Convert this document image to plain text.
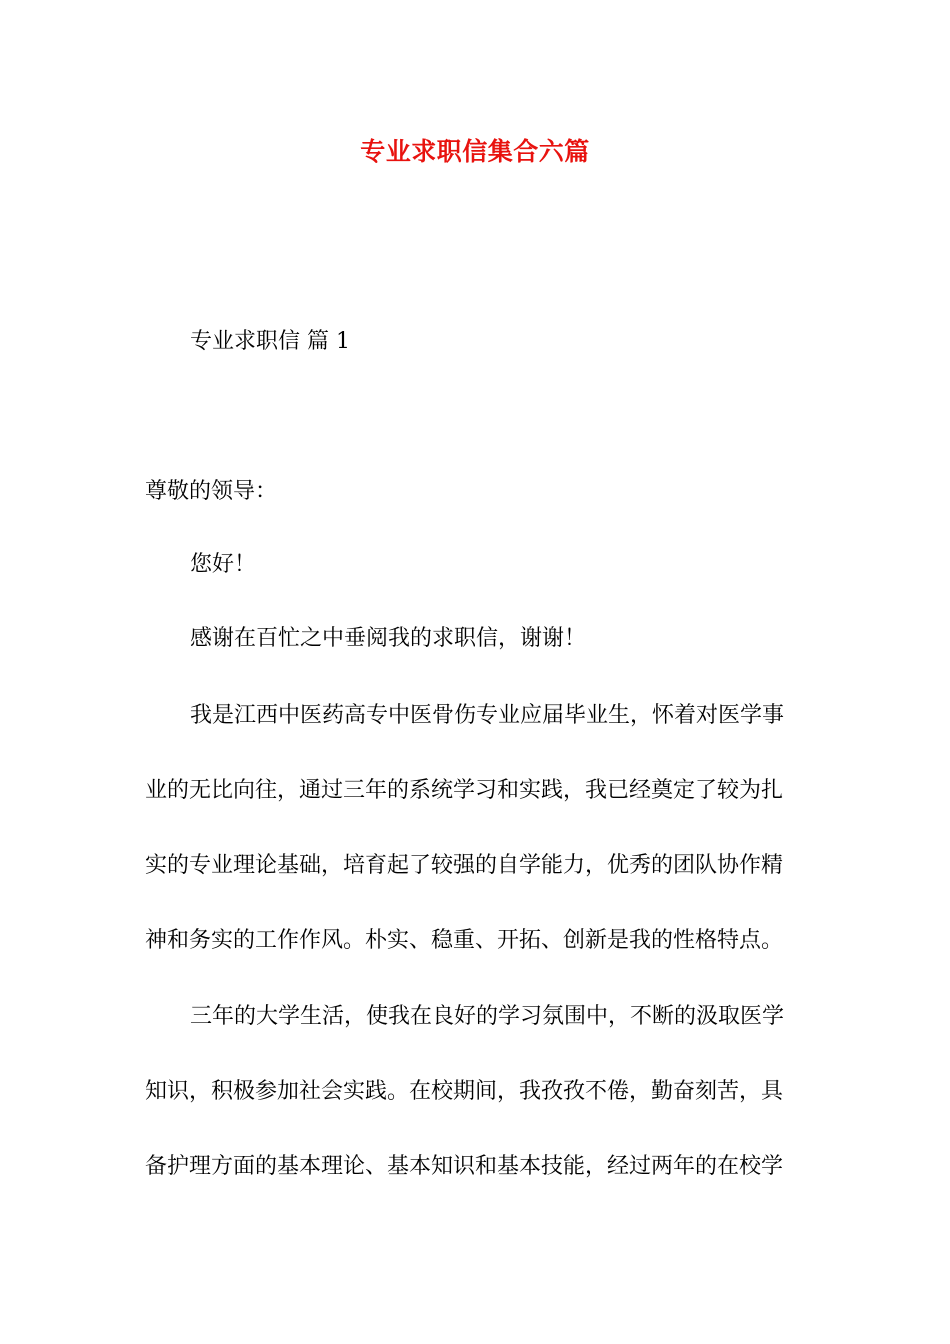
专业求职信集合六篇
专业求职信 篇 1
尊敬的领导：
您好！
感谢在百忙之中垂阅我的求职信，谢谢！
我是江西中医药高专中医骨伤专业应届毕业生，怀着对医学事
业的无比向往，通过三年的系统学习和实践，我已经奠定了较为扎
实的专业理论基础，培育起了较强的自学能力，优秀的团队协作精
神和务实的工作作风。朴实、稳重、开拓、创新是我的性格特点。
三年的大学生活，使我在良好的学习氛围中，不断的汲取医学
知识，积极参加社会实践。在校期间，我孜孜不倦，勤奋刻苦，具
备护理方面的基本理论、基本知识和基本技能，经过两年的在校学
